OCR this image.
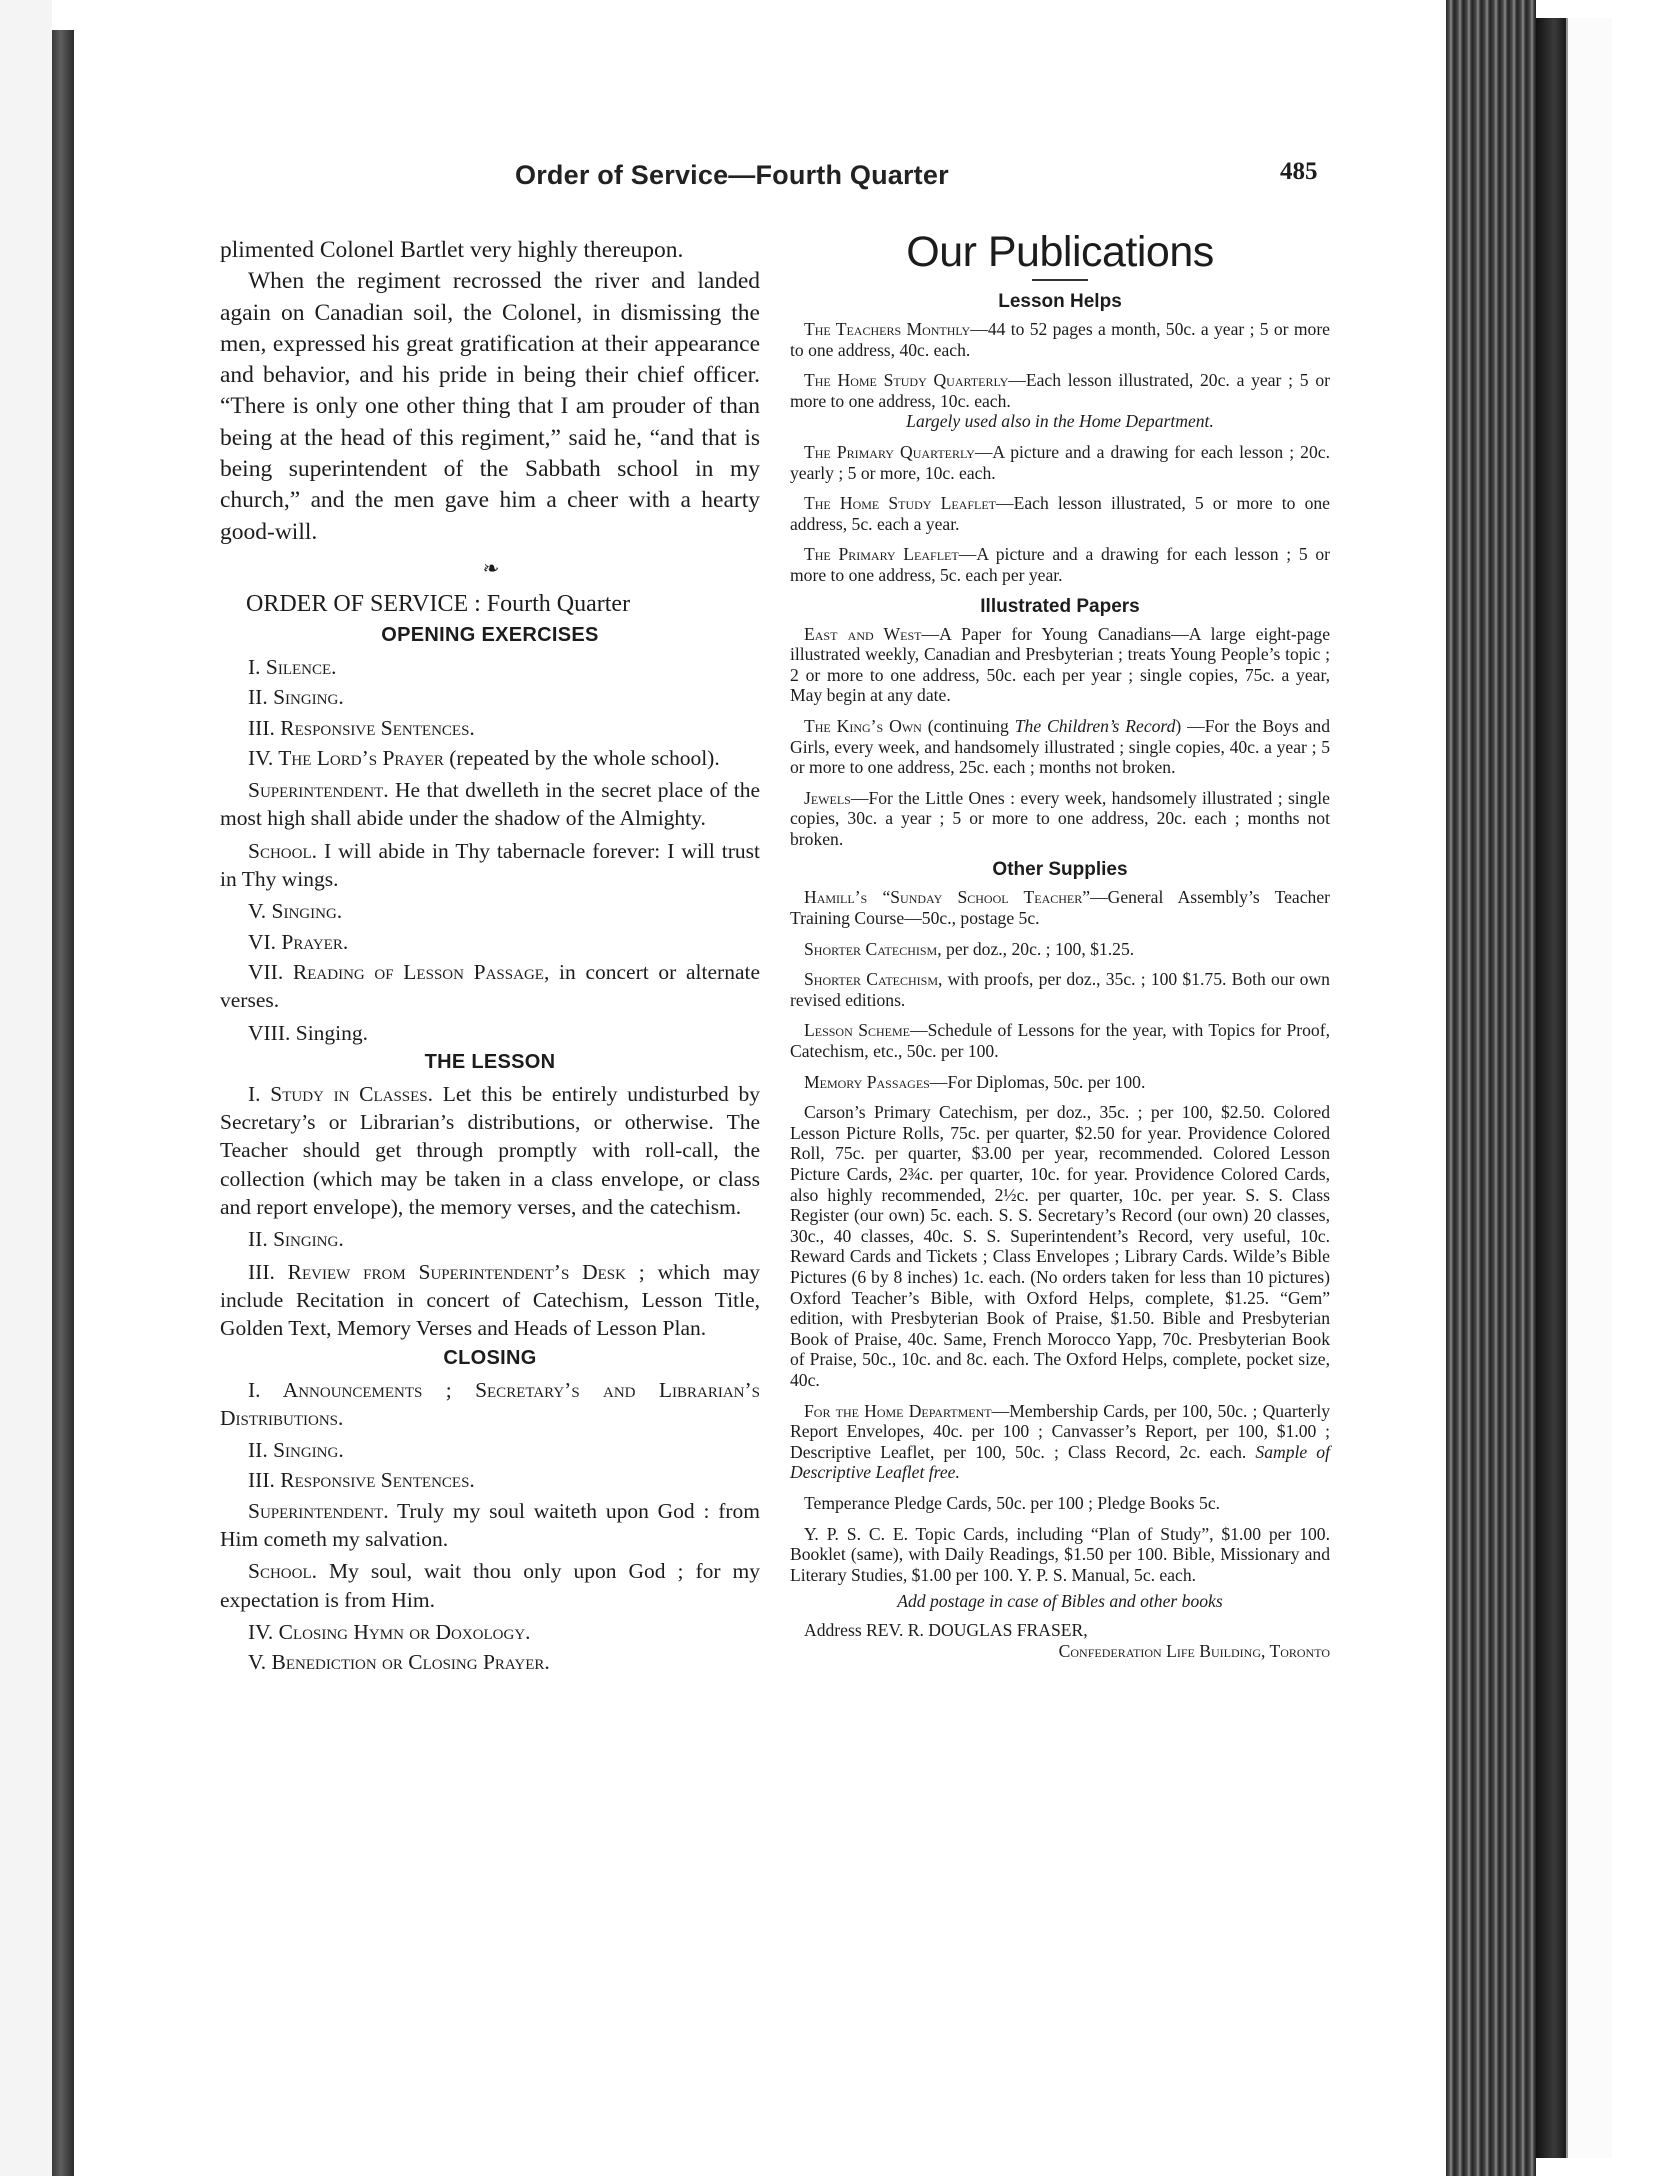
Order of Service—Fourth Quarter	485

plimented Colonel Bartlet very highly thereupon.

When the regiment recrossed the river and landed again on Canadian soil, the Colonel, in dismissing the men, expressed his great gratification at their appearance and behavior, and his pride in being their chief officer. “There is only one other thing that I am prouder of than being at the head of this regiment,” said he, “and that is being superintendent of the Sabbath school in my church,” and the men gave him a cheer with a hearty good-will.

❧
ORDER OF SERVICE : Fourth Quarter
OPENING EXERCISES

I. Silence.

II. Singing.

III. Responsive Sentences.

IV. The Lord’s Prayer (repeated by the whole school).

Superintendent. He that dwelleth in the secret place of the most high shall abide under the shadow of the Almighty.

School. I will abide in Thy tabernacle forever: I will trust in Thy wings.

V. Singing.

VI. Prayer.

VII. Reading of Lesson Passage, in concert or alternate verses.

VIII. Singing.

THE LESSON

I. Study in Classes. Let this be entirely undisturbed by Secretary’s or Librarian’s distributions, or otherwise. The Teacher should get through promptly with roll-call, the collection (which may be taken in a class envelope, or class and report envelope), the memory verses, and the catechism.

II. Singing.

III. Review from Superintendent’s Desk ; which may include Recitation in concert of Catechism, Lesson Title, Golden Text, Memory Verses and Heads of Lesson Plan.

CLOSING

I. Announcements ; Secretary’s and Librarian’s Distributions.

II. Singing.

III. Responsive Sentences.

Superintendent. Truly my soul waiteth upon God : from Him cometh my salvation.

School. My soul, wait thou only upon God ; for my expectation is from Him.

IV. Closing Hymn or Doxology.

V. Benediction or Closing Prayer.

Our Publications
Lesson Helps

The Teachers Monthly—44 to 52 pages a month, 50c. a year ; 5 or more to one address, 40c. each.

The Home Study Quarterly—Each lesson illustrated, 20c. a year ; 5 or more to one address, 10c. each.
Largely used also in the Home Department.

The Primary Quarterly—A picture and a drawing for each lesson ; 20c. yearly ; 5 or more, 10c. each.

The Home Study Leaflet—Each lesson illustrated, 5 or more to one address, 5c. each a year.

The Primary Leaflet—A picture and a drawing for each lesson ; 5 or more to one address, 5c. each per year.

Illustrated Papers

East and West—A Paper for Young Canadians—A large eight-page illustrated weekly, Canadian and Presbyterian ; treats Young People’s topic ; 2 or more to one address, 50c. each per year ; single copies, 75c. a year, May begin at any date.

The King’s Own (continuing The Children’s Record) —For the Boys and Girls, every week, and handsomely illustrated ; single copies, 40c. a year ; 5 or more to one address, 25c. each ; months not broken.

Jewels—For the Little Ones : every week, handsomely illustrated ; single copies, 30c. a year ; 5 or more to one address, 20c. each ; months not broken.

Other Supplies

Hamill’s “Sunday School Teacher”—General Assembly’s Teacher Training Course—50c., postage 5c.

Shorter Catechism, per doz., 20c. ; 100, $1.25.

Shorter Catechism, with proofs, per doz., 35c. ; 100 $1.75. Both our own revised editions.

Lesson Scheme—Schedule of Lessons for the year, with Topics for Proof, Catechism, etc., 50c. per 100.

Memory Passages—For Diplomas, 50c. per 100.

Carson’s Primary Catechism, per doz., 35c. ; per 100, $2.50. Colored Lesson Picture Rolls, 75c. per quarter, $2.50 for year. Providence Colored Roll, 75c. per quarter, $3.00 per year, recommended. Colored Lesson Picture Cards, 2¾c. per quarter, 10c. for year. Providence Colored Cards, also highly recommended, 2½c. per quarter, 10c. per year. S. S. Class Register (our own) 5c. each. S. S. Secretary’s Record (our own) 20 classes, 30c., 40 classes, 40c. S. S. Superintendent’s Record, very useful, 10c. Reward Cards and Tickets ; Class Envelopes ; Library Cards. Wilde’s Bible Pictures (6 by 8 inches) 1c. each. (No orders taken for less than 10 pictures) Oxford Teacher’s Bible, with Oxford Helps, complete, $1.25. “Gem” edition, with Presbyterian Book of Praise, $1.50. Bible and Presbyterian Book of Praise, 40c. Same, French Morocco Yapp, 70c. Presbyterian Book of Praise, 50c., 10c. and 8c. each. The Oxford Helps, complete, pocket size, 40c.

For the Home Department—Membership Cards, per 100, 50c. ; Quarterly Report Envelopes, 40c. per 100 ; Canvasser’s Report, per 100, $1.00 ; Descriptive Leaflet, per 100, 50c. ; Class Record, 2c. each. Sample of Descriptive Leaflet free.

Temperance Pledge Cards, 50c. per 100 ; Pledge Books 5c.

Y. P. S. C. E. Topic Cards, including “Plan of Study”, $1.00 per 100. Booklet (same), with Daily Readings, $1.50 per 100. Bible, Missionary and Literary Studies, $1.00 per 100. Y. P. S. Manual, 5c. each.

Add postage in case of Bibles and other books

Address REV. R. DOUGLAS FRASER,

Confederation Life Building, Toronto
